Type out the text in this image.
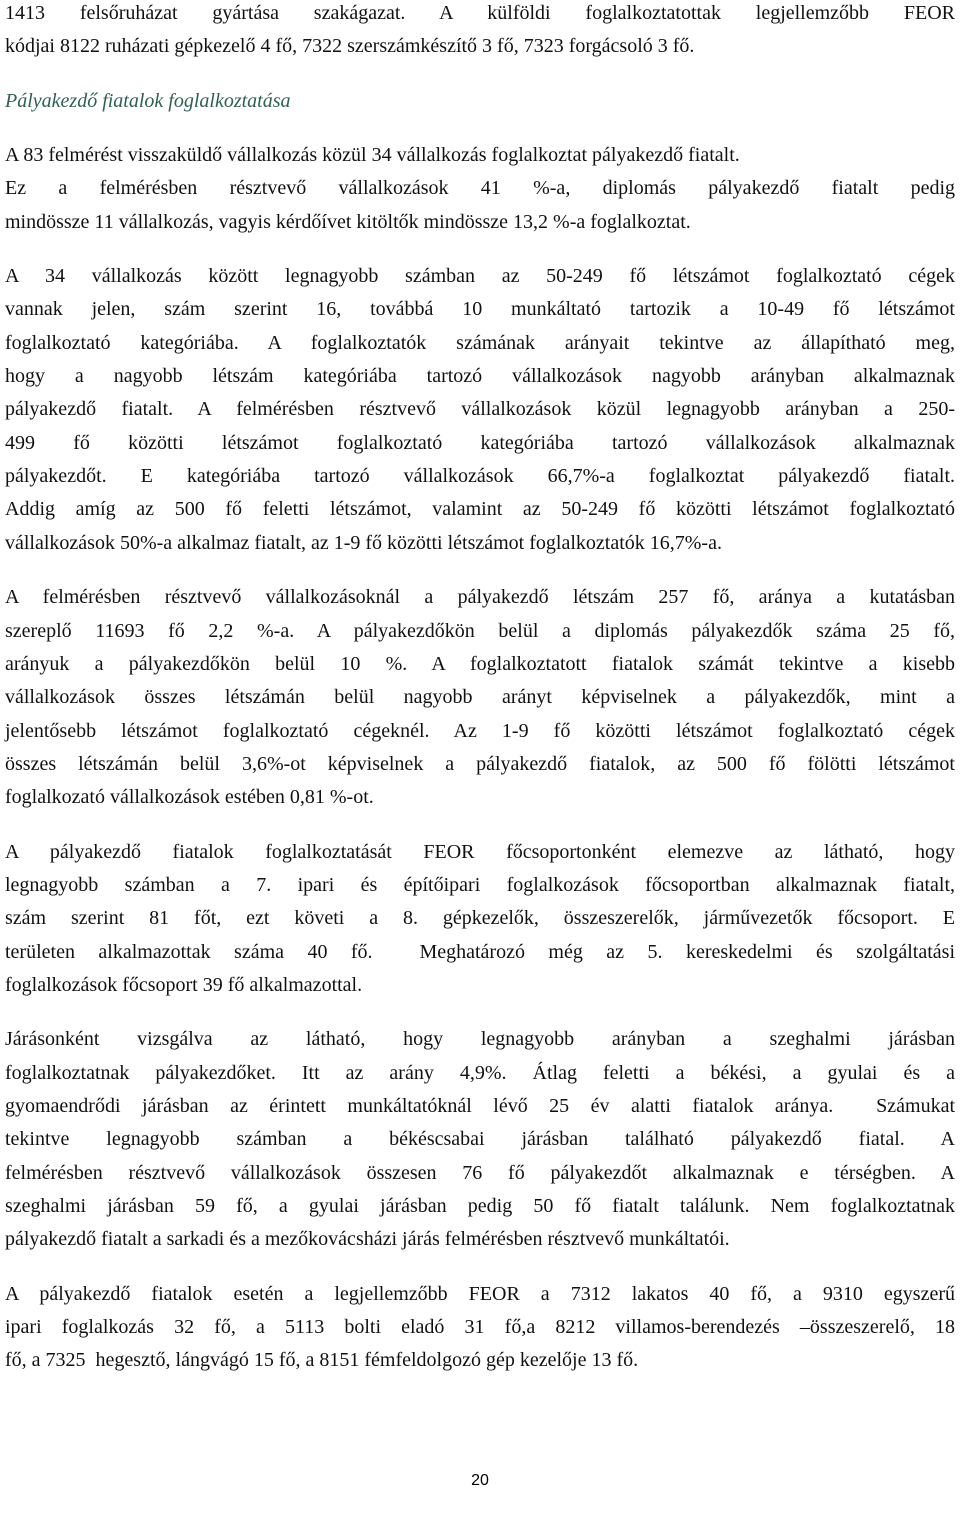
1413 felsőruházat gyártása szakágazat. A külföldi foglalkoztatottak legjellemzőbb FEOR
kódjai 8122 ruházati gépkezelő 4 fő, 7322 szerszámkészítő 3 fő, 7323 forgácsoló 3 fő.
Pályakezdő fiatalok foglalkoztatása
A 83 felmérést visszaküldő vállalkozás közül 34 vállalkozás foglalkoztat pályakezdő fiatalt.
Ez a felmérésben résztvevő vállalkozások 41 %-a, diplomás pályakezdő fiatalt pedig
mindössze 11 vállalkozás, vagyis kérdőívet kitöltők mindössze 13,2 %-a foglalkoztat.
A 34 vállalkozás között legnagyobb számban az 50-249 fő létszámot foglalkoztató cégek
vannak jelen, szám szerint 16, továbbá 10 munkáltató tartozik a 10-49 fő létszámot
foglalkoztató kategóriába. A foglalkoztatók számának arányait tekintve az állapítható meg,
hogy a nagyobb létszám kategóriába tartozó vállalkozások nagyobb arányban alkalmaznak
pályakezdő fiatalt. A felmérésben résztvevő vállalkozások közül legnagyobb arányban a 250-
499 fő közötti létszámot foglalkoztató kategóriába tartozó vállalkozások alkalmaznak
pályakezdőt. E kategóriába tartozó vállalkozások 66,7%-a foglalkoztat pályakezdő fiatalt.
Addig amíg az 500 fő feletti létszámot, valamint az 50-249 fő közötti létszámot foglalkoztató
vállalkozások 50%-a alkalmaz fiatalt, az 1-9 fő közötti létszámot foglalkoztatók 16,7%-a.
A felmérésben résztvevő vállalkozásoknál a pályakezdő létszám 257 fő, aránya a kutatásban
szereplő 11693 fő 2,2 %-a. A pályakezdőkön belül a diplomás pályakezdők száma 25 fő,
arányuk a pályakezdőkön belül 10 %. A foglalkoztatott fiatalok számát tekintve a kisebb
vállalkozások összes létszámán belül nagyobb arányt képviselnek a pályakezdők, mint a
jelentősebb létszámot foglalkoztató cégeknél. Az 1-9 fő közötti létszámot foglalkoztató cégek
összes létszámán belül 3,6%-ot képviselnek a pályakezdő fiatalok, az 500 fő fölötti létszámot
foglalkozató vállalkozások estében 0,81 %-ot.
A pályakezdő fiatalok foglalkoztatását FEOR főcsoportonként elemezve az látható, hogy
legnagyobb számban a 7. ipari és építőipari foglalkozások főcsoportban alkalmaznak fiatalt,
szám szerint 81 főt, ezt követi a 8. gépkezelők, összeszerelők, járművezetők főcsoport. E
területen alkalmazottak száma 40 fő.  Meghatározó még az 5. kereskedelmi és szolgáltatási
foglalkozások főcsoport 39 fő alkalmazottal.
Járásonként vizsgálva az látható, hogy legnagyobb arányban a szeghalmi járásban
foglalkoztatnak pályakezdőket. Itt az arány 4,9%. Átlag feletti a békési, a gyulai és a
gyomaendrődi járásban az érintett munkáltatóknál lévő 25 év alatti fiatalok aránya.  Számukat
tekintve legnagyobb számban a békéscsabai járásban található pályakezdő fiatal. A
felmérésben résztvevő vállalkozások összesen 76 fő pályakezdőt alkalmaznak e térségben. A
szeghalmi járásban 59 fő, a gyulai járásban pedig 50 fő fiatalt találunk. Nem foglalkoztatnak
pályakezdő fiatalt a sarkadi és a mezőkovácsházi járás felmérésben résztvevő munkáltatói.
A pályakezdő fiatalok esetén a legjellemzőbb FEOR a 7312 lakatos 40 fő, a 9310 egyszerű
ipari foglalkozás 32 fő, a 5113 bolti eladó 31 fő,a 8212 villamos-berendezés –összeszerelő, 18
fő, a 7325  hegesztő, lángvágó 15 fő, a 8151 fémfeldolgozó gép kezelője 13 fő.
20
